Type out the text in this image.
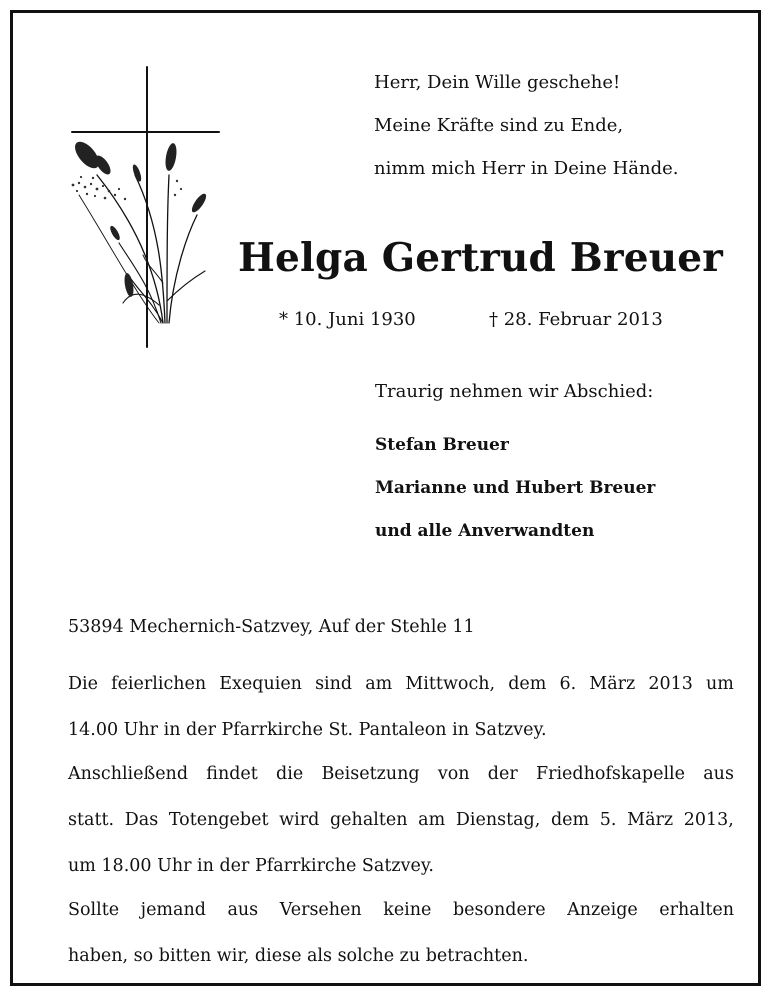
Herr, Dein Wille geschehe!
Meine Kräfte sind zu Ende,
nimm mich Herr in Deine Hände.
Helga Gertrud Breuer
* 10. Juni 1930	† 28. Februar 2013
Traurig nehmen wir Abschied:
Stefan Breuer
Marianne und Hubert Breuer
und alle Anverwandten
53894 Mechernich-Satzvey, Auf der Stehle 11
Die feierlichen Exequien sind am Mittwoch, dem 6. März 2013 um
14.00 Uhr in der Pfarrkirche St. Pantaleon in Satzvey.
Anschließend findet die Beisetzung von der Friedhofskapelle aus
statt. Das Totengebet wird gehalten am Dienstag, dem 5. März 2013,
um 18.00 Uhr in der Pfarrkirche Satzvey.
Sollte jemand aus Versehen keine besondere Anzeige erhalten
haben, so bitten wir, diese als solche zu betrachten.
